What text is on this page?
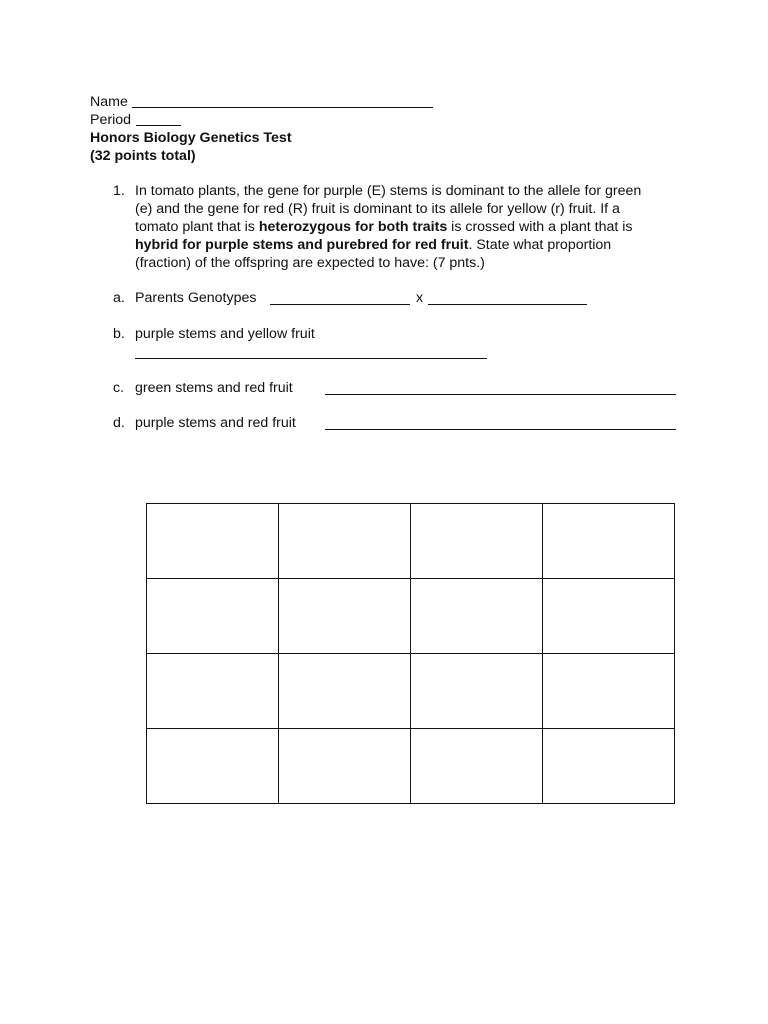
Name
Period
Honors Biology Genetics Test
(32 points total)
1. In tomato plants, the gene for purple (E) stems is dominant to the allele for green
(e) and the gene for red (R) fruit is dominant to its allele for yellow (r) fruit. If a
tomato plant that is heterozygous for both traits is crossed with a plant that is
hybrid for purple stems and purebred for red fruit. State what proportion
(fraction) of the offspring are expected to have: (7 pnts.)
a. Parents Genotypes	x
b. purple stems and yellow fruit
c. green stems and red fruit
d. purple stems and red fruit
